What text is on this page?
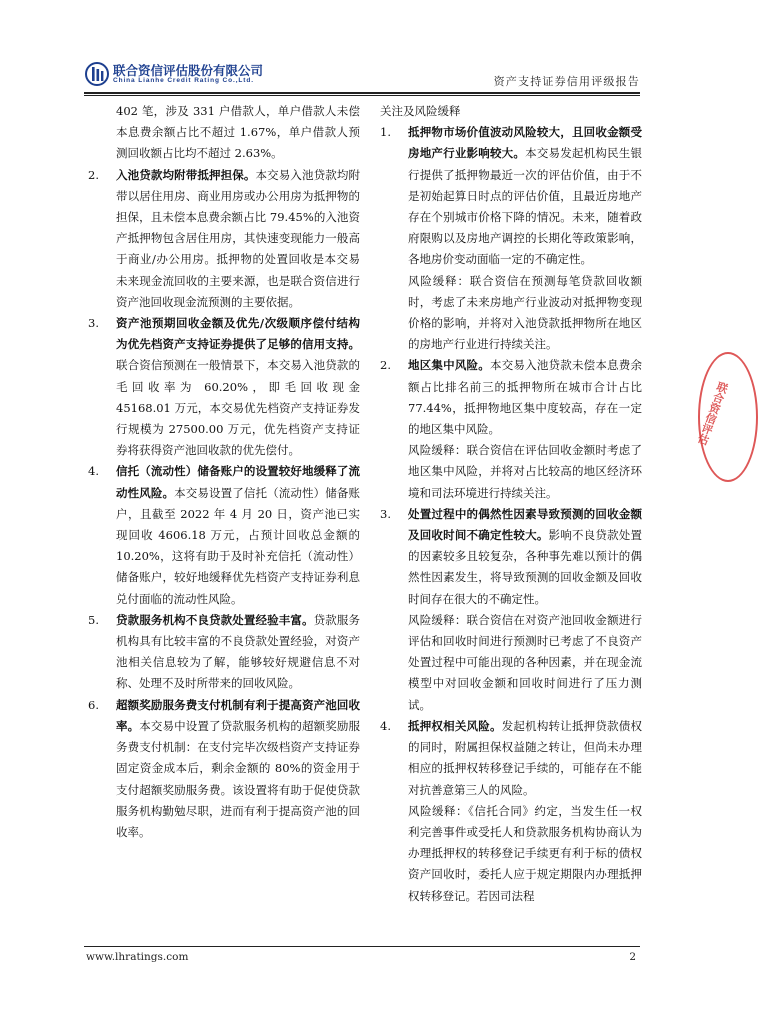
联合资信评估股份有限公司
China Lianhe Credit Rating Co.,Ltd.	资产支持证券信用评级报告

402 笔，涉及 331 户借款人，单户借款人未偿本息费余额占比不超过 1.67%，单户借款人预测回收额占比均不超过 2.63%。

2. 入池贷款均附带抵押担保。本交易入池贷款均附带以居住用房、商业用房或办公用房为抵押物的担保，且未偿本息费余额占比 79.45%的入池资产抵押物包含居住用房，其快速变现能力一般高于商业/办公用房。抵押物的处置回收是本交易未来现金流回收的主要来源，也是联合资信进行资产池回收现金流预测的主要依据。
3. 资产池预期回收金额及优先/次级顺序偿付结构为优先档资产支持证券提供了足够的信用支持。联合资信预测在一般情景下，本交易入池贷款的毛回收率为 60.20%，即毛回收现金 45168.01 万元，本交易优先档资产支持证券发行规模为 27500.00 万元，优先档资产支持证券将获得资产池回收款的优先偿付。
4. 信托（流动性）储备账户的设置较好地缓释了流动性风险。本交易设置了信托（流动性）储备账户，且截至 2022 年 4 月 20 日，资产池已实现回收 4606.18 万元，占预计回收总金额的 10.20%，这将有助于及时补充信托（流动性）储备账户，较好地缓释优先档资产支持证券利息兑付面临的流动性风险。
5. 贷款服务机构不良贷款处置经验丰富。贷款服务机构具有比较丰富的不良贷款处置经验，对资产池相关信息较为了解，能够较好规避信息不对称、处理不及时所带来的回收风险。
6. 超额奖励服务费支付机制有利于提高资产池回收率。本交易中设置了贷款服务机构的超额奖励服务费支付机制：在支付完毕次级档资产支持证券固定资金成本后，剩余金额的 80%的资金用于支付超额奖励服务费。该设置将有助于促使贷款服务机构勤勉尽职，进而有利于提高资产池的回收率。

关注及风险缓释

1. 抵押物市场价值波动风险较大，且回收金额受房地产行业影响较大。本交易发起机构民生银行提供了抵押物最近一次的评估价值，由于不是初始起算日时点的评估价值，且最近房地产存在个别城市价格下降的情况。未来，随着政府限购以及房地产调控的长期化等政策影响，各地房价变动面临一定的不确定性。

风险缓释：联合资信在预测每笔贷款回收额时，考虑了未来房地产行业波动对抵押物变现价格的影响，并将对入池贷款抵押物所在地区的房地产行业进行持续关注。

2. 地区集中风险。本交易入池贷款未偿本息费余额占比排名前三的抵押物所在城市合计占比 77.44%，抵押物地区集中度较高，存在一定的地区集中风险。

风险缓释：联合资信在评估回收金额时考虑了地区集中风险，并将对占比较高的地区经济环境和司法环境进行持续关注。

3. 处置过程中的偶然性因素导致预测的回收金额及回收时间不确定性较大。影响不良贷款处置的因素较多且较复杂，各种事先难以预计的偶然性因素发生，将导致预测的回收金额及回收时间存在很大的不确定性。

风险缓释：联合资信在对资产池回收金额进行评估和回收时间进行预测时已考虑了不良资产处置过程中可能出现的各种因素，并在现金流模型中对回收金额和回收时间进行了压力测试。

4. 抵押权相关风险。发起机构转让抵押贷款债权的同时，附属担保权益随之转让，但尚未办理相应的抵押权转移登记手续的，可能存在不能对抗善意第三人的风险。

风险缓释：《信托合同》约定，当发生任一权利完善事件或受托人和贷款服务机构协商认为办理抵押权的转移登记手续更有利于标的债权资产回收时，委托人应于规定期限内办理抵押权转移登记。若因司法程

联合资信评估
www.lhratings.com	2
